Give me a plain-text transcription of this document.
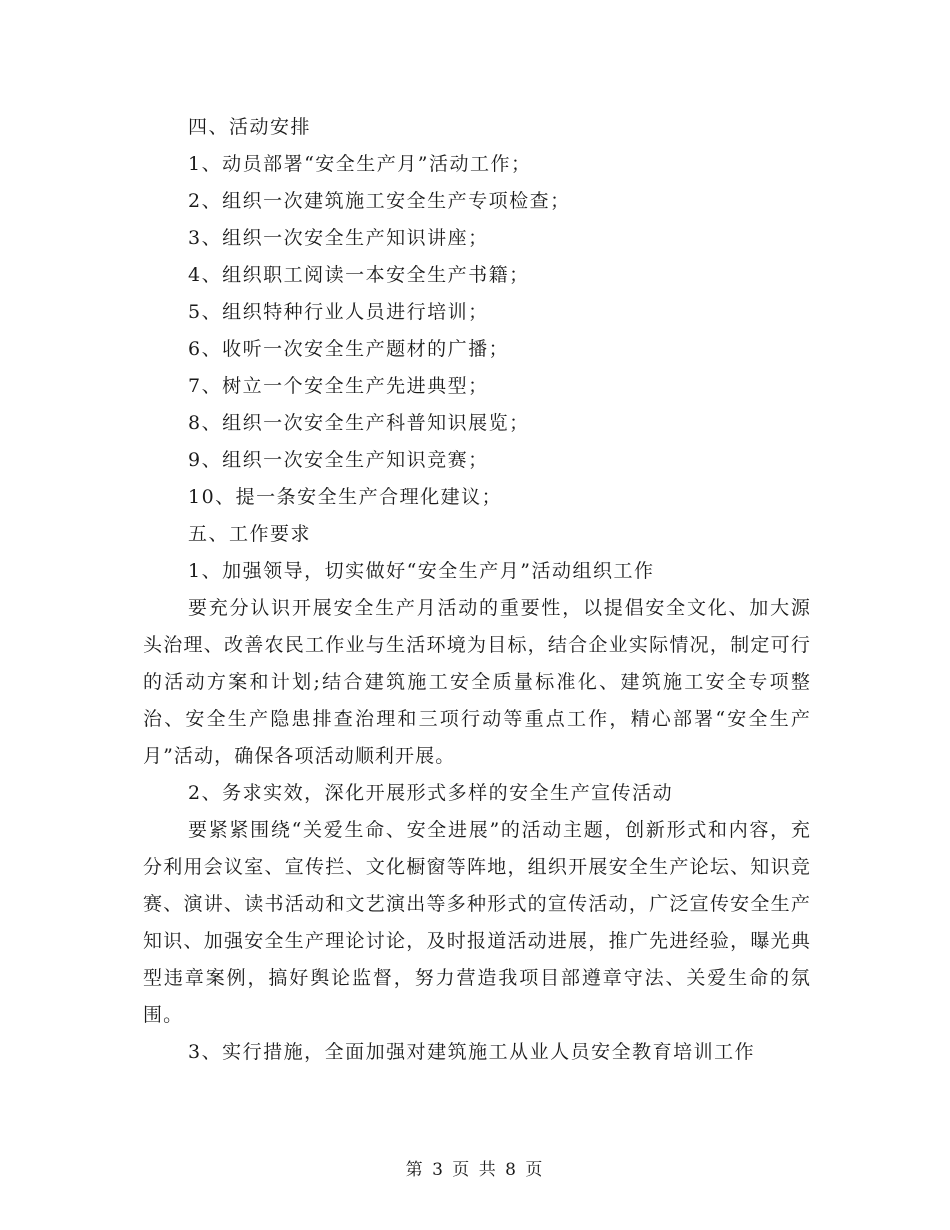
四、活动安排
1、动员部署“安全生产月”活动工作；
2、组织一次建筑施工安全生产专项检查；
3、组织一次安全生产知识讲座；
4、组织职工阅读一本安全生产书籍；
5、组织特种行业人员进行培训；
6、收听一次安全生产题材的广播；
7、树立一个安全生产先进典型；
8、组织一次安全生产科普知识展览；
9、组织一次安全生产知识竞赛；
10、提一条安全生产合理化建议；
五、工作要求
1、加强领导，切实做好“安全生产月”活动组织工作
要充分认识开展安全生产月活动的重要性，以提倡安全文化、加大源头治理、改善农民工作业与生活环境为目标，结合企业实际情况，制定可行的活动方案和计划;结合建筑施工安全质量标准化、建筑施工安全专项整治、安全生产隐患排查治理和三项行动等重点工作，精心部署“安全生产月”活动，确保各项活动顺利开展。
2、务求实效，深化开展形式多样的安全生产宣传活动
要紧紧围绕“关爱生命、安全进展”的活动主题，创新形式和内容，充分利用会议室、宣传拦、文化橱窗等阵地，组织开展安全生产论坛、知识竞赛、演讲、读书活动和文艺演出等多种形式的宣传活动，广泛宣传安全生产知识、加强安全生产理论讨论，及时报道活动进展，推广先进经验，曝光典型违章案例，搞好舆论监督，努力营造我项目部遵章守法、关爱生命的氛围。
3、实行措施，全面加强对建筑施工从业人员安全教育培训工作
第 3 页 共 8 页
